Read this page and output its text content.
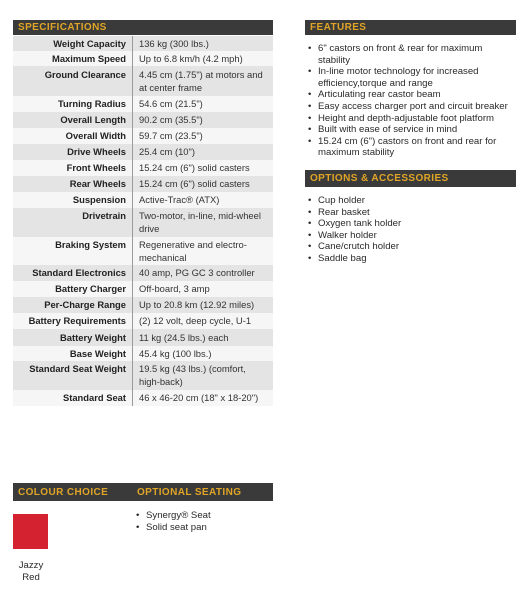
SPECIFICATIONS	FEATURES
OPTIONS & ACCESSORIES
COLOUR CHOICE	OPTIONAL SEATING
Weight Capacity	136 kg (300 lbs.)
Maximum Speed	Up to 6.8 km/h (4.2 mph)
Ground Clearance	4.45 cm (1.75") at motors and at center frame
Turning Radius	54.6 cm (21.5")
Overall Length	90.2 cm (35.5")
Overall Width	59.7 cm (23.5")
Drive Wheels	25.4 cm (10")
Front Wheels	15.24 cm (6") solid casters
Rear Wheels	15.24 cm (6") solid casters
Suspension	Active-Trac® (ATX)
Drivetrain	Two-motor, in-line, mid-wheel drive
Braking System	Regenerative and electro-mechanical
Standard Electronics	40 amp, PG GC 3 controller
Battery Charger	Off-board, 3 amp
Per-Charge Range	Up to 20.8 km (12.92 miles)
Battery Requirements	(2) 12 volt, deep cycle, U-1
Battery Weight	11 kg (24.5 lbs.) each
Base Weight	45.4 kg (100 lbs.)
Standard Seat Weight	19.5 kg (43 lbs.) (comfort, high-back)
Standard Seat	46 x 46-20 cm (18" x 18-20")
• 6" castors on front & rear for maximum stability
• In-line motor technology for increased efficiency,torque and range
• Articulating rear castor beam
• Easy access charger port and circuit breaker
• Height and depth-adjustable foot platform
• Built with ease of service in mind
• 15.24 cm (6") castors on front and rear for maximum stability
• Cup holder
• Rear basket
• Oxygen tank holder
• Walker holder
• Cane/crutch holder
• Saddle bag
Jazzy Red
• Synergy® Seat
• Solid seat pan
